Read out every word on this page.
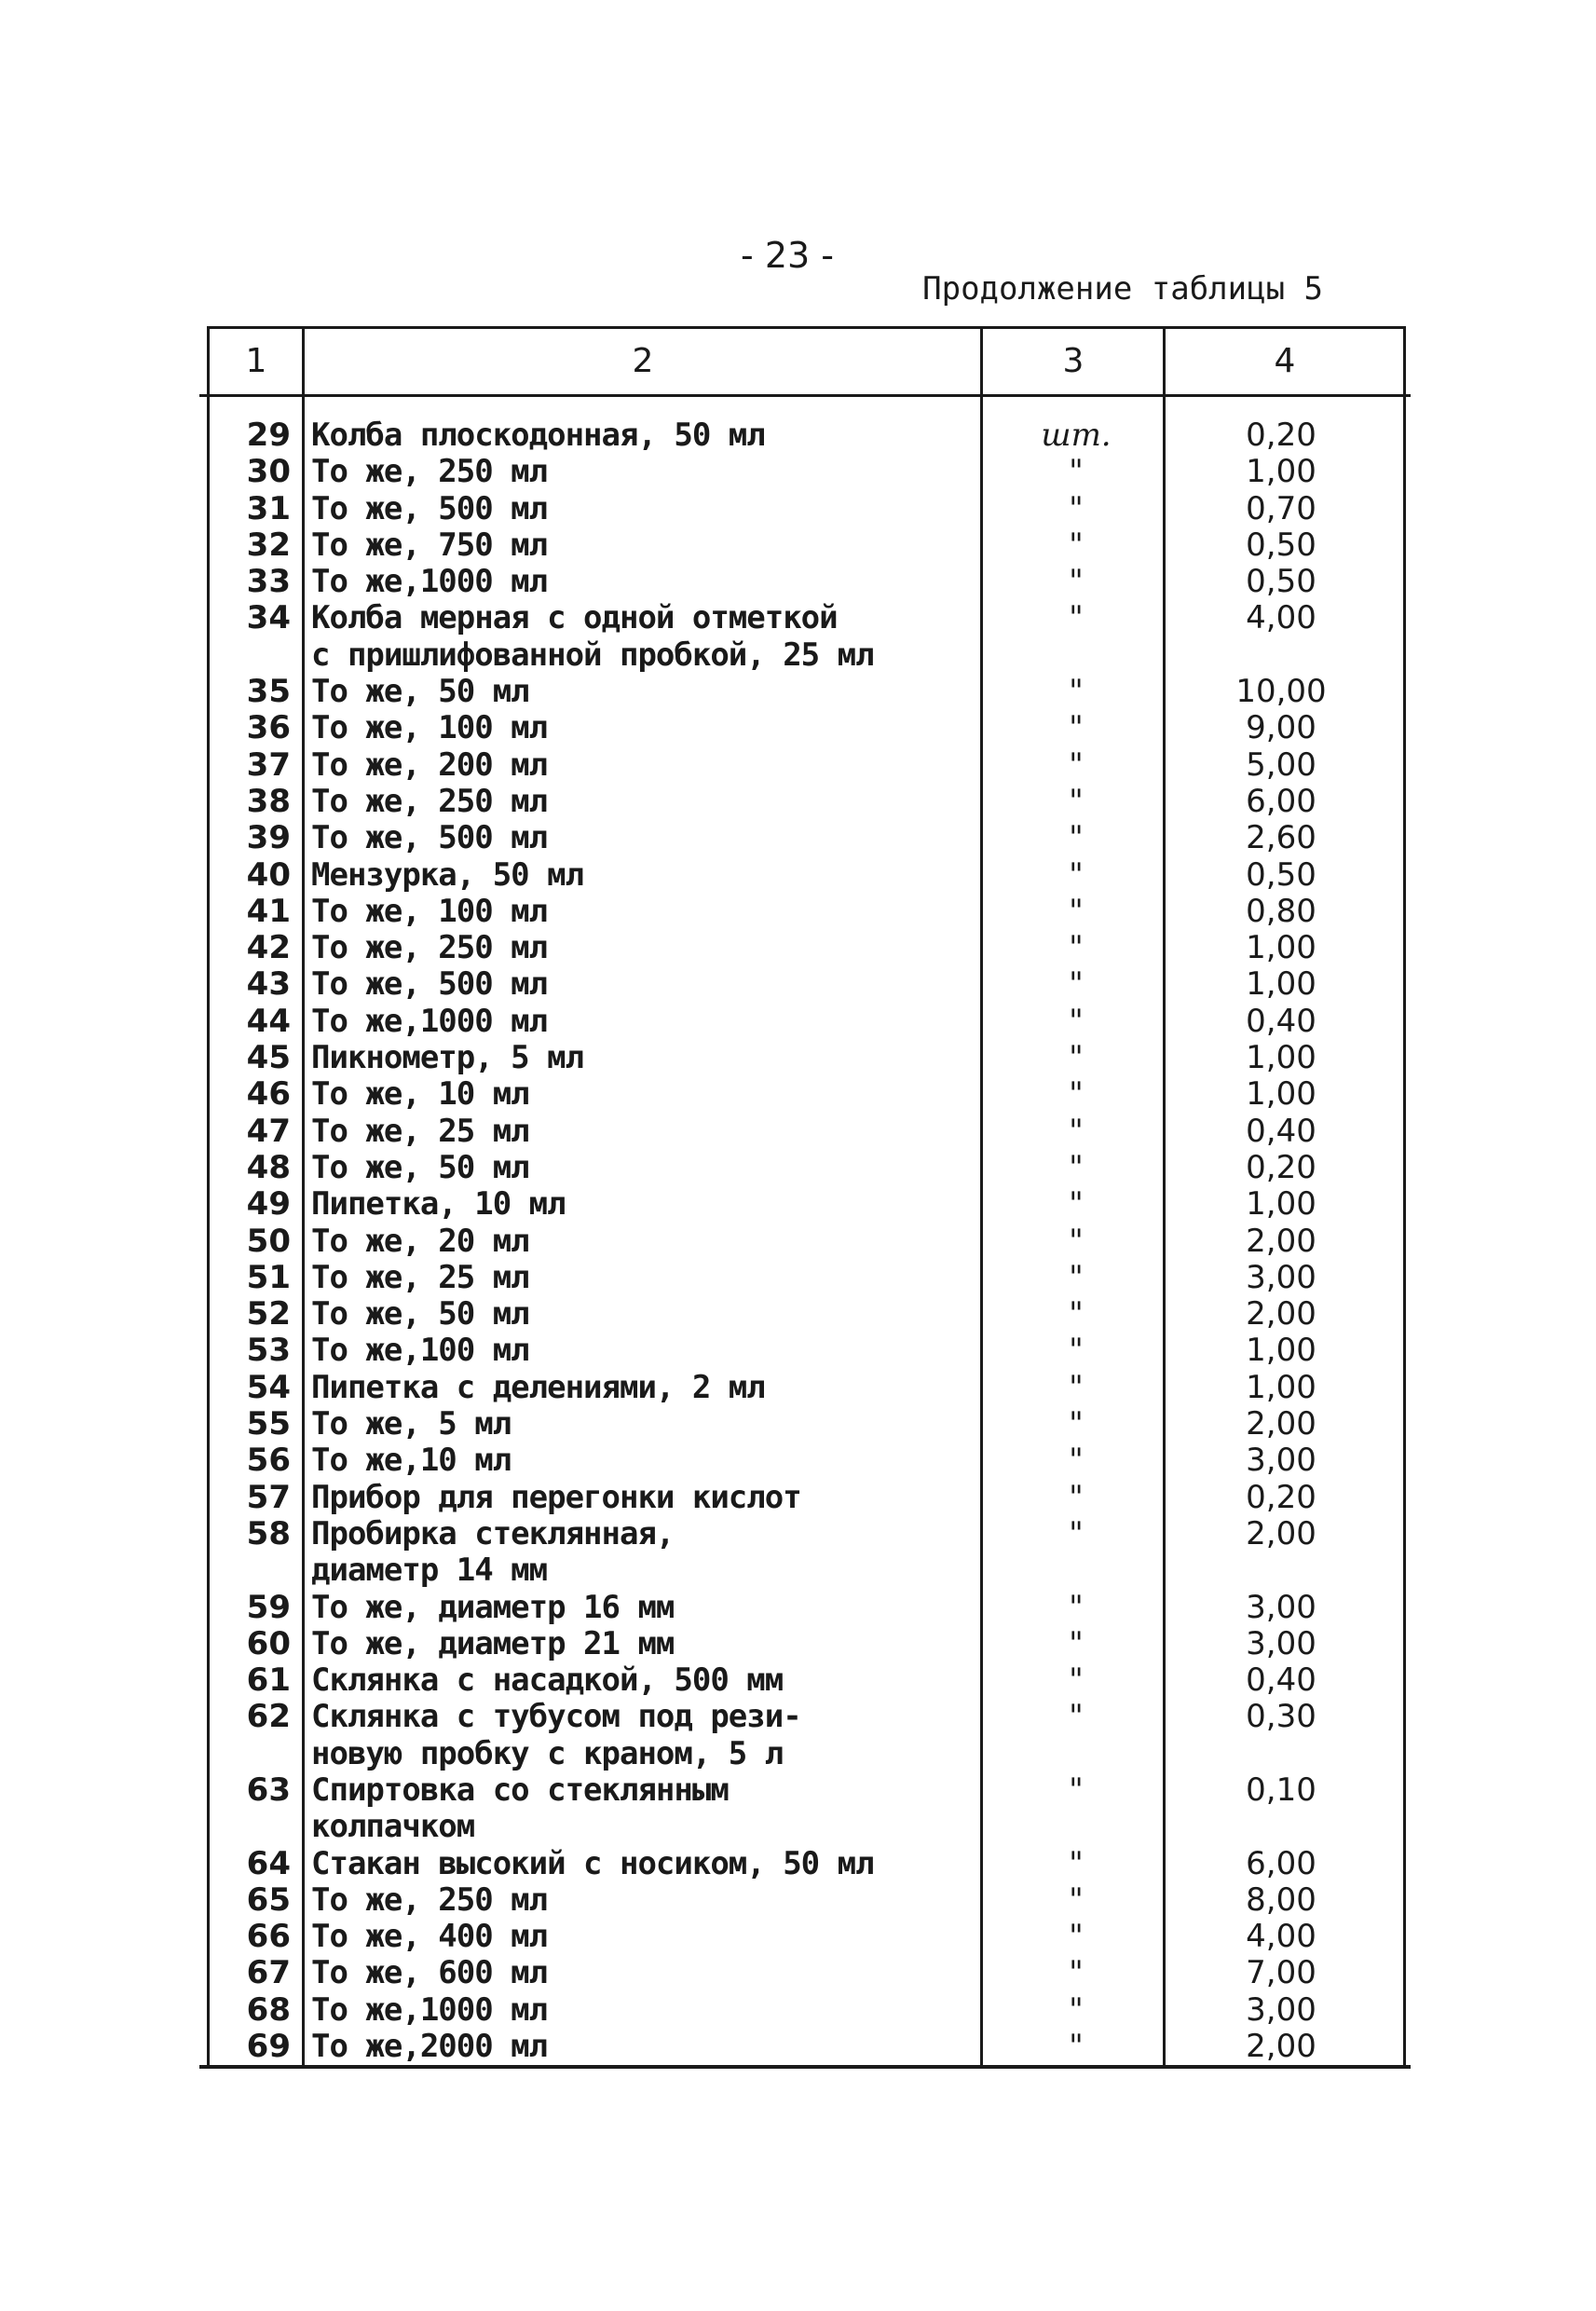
- 23 -
Продолжение таблицы 5
1	2	3	4
29 Колба плоскодонная, 50 мл	шт.	0,20
30 То же, 250 мл	"	1,00
31 То же, 500 мл	"	0,70
32 То же, 750 мл	"	0,50
33 То же,1000 мл	"	0,50
34 Колба мерная с одной отметкой	"	4,00
с пришлифованной пробкой, 25 мл
35 То же, 50 мл	"	10,00
36 То же, 100 мл	"	9,00
37 То же, 200 мл	"	5,00
38 То же, 250 мл	"	6,00
39 То же, 500 мл	"	2,60
40 Мензурка, 50 мл	"	0,50
41 То же, 100 мл	"	0,80
42 То же, 250 мл	"	1,00
43 То же, 500 мл	"	1,00
44 То же,1000 мл	"	0,40
45 Пикнометр, 5 мл	"	1,00
46 То же, 10 мл	"	1,00
47 То же, 25 мл	"	0,40
48 То же, 50 мл	"	0,20
49 Пипетка, 10 мл	"	1,00
50 То же, 20 мл	"	2,00
51 То же, 25 мл	"	3,00
52 То же, 50 мл	"	2,00
53 То же,100 мл	"	1,00
54 Пипетка с делениями, 2 мл	"	1,00
55 То же, 5 мл	"	2,00
56 То же,10 мл	"	3,00
57 Прибор для перегонки кислот	"	0,20
58 Пробирка стеклянная,	"	2,00
диаметр 14 мм
59 То же, диаметр 16 мм	"	3,00
60 То же, диаметр 21 мм	"	3,00
61 Склянка с насадкой, 500 мм	"	0,40
62 Склянка с тубусом под рези-	"	0,30
новую пробку с краном, 5 л
63 Спиртовка со стеклянным	"	0,10
колпачком
64 Стакан высокий с носиком, 50 мл	"	6,00
65 То же, 250 мл	"	8,00
66 То же, 400 мл	"	4,00
67 То же, 600 мл	"	7,00
68 То же,1000 мл	"	3,00
69 То же,2000 мл	"	2,00
